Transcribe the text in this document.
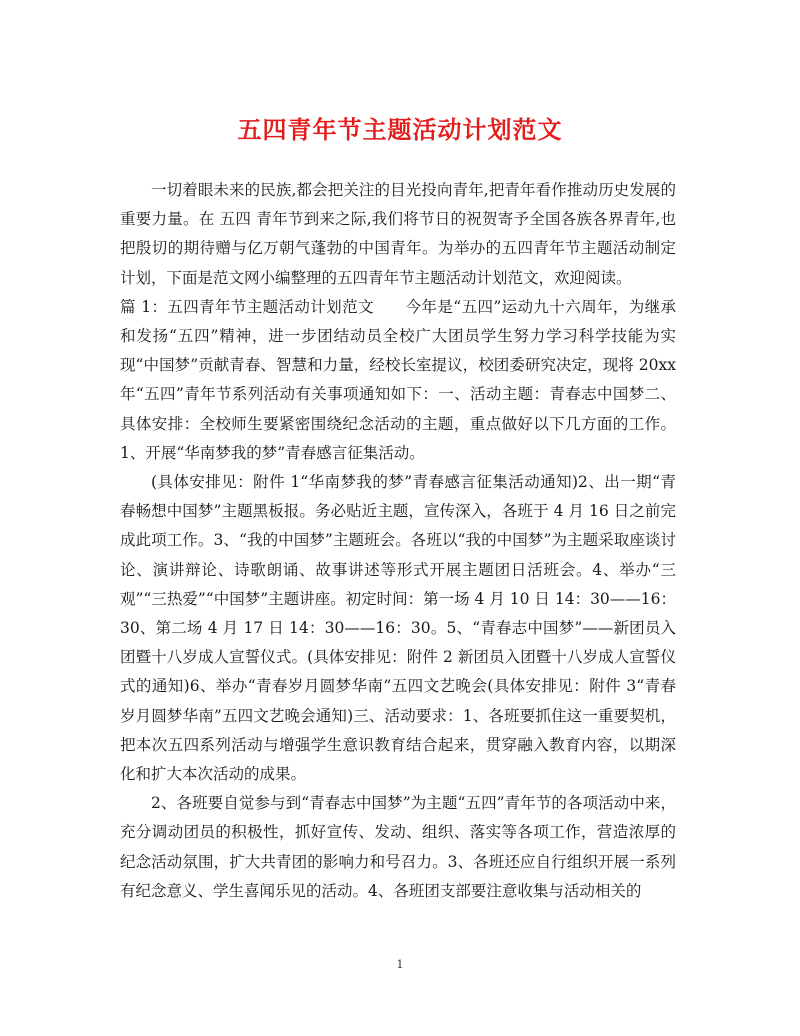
五四青年节主题活动计划范文

一切着眼未来的民族,都会把关注的目光投向青年,把青年看作推动历史发展的重要力量。在 五四 青年节到来之际,我们将节日的祝贺寄予全国各族各界青年,也把殷切的期待赠与亿万朝气蓬勃的中国青年。为举办的五四青年节主题活动制定计划，下面是范文网小编整理的五四青年节主题活动计划范文，欢迎阅读。

篇 1：五四青年节主题活动计划范文　　今年是“五四”运动九十六周年，为继承和发扬“五四”精神，进一步团结动员全校广大团员学生努力学习科学技能为实现“中国梦”贡献青春、智慧和力量，经校长室提议，校团委研究决定，现将 20xx 年“五四”青年节系列活动有关事项通知如下：一、活动主题：青春志中国梦二、具体安排：全校师生要紧密围绕纪念活动的主题，重点做好以下几方面的工作。1、开展“华南梦我的梦”青春感言征集活动。

(具体安排见：附件 1“华南梦我的梦”青春感言征集活动通知)2、出一期“青春畅想中国梦”主题黑板报。务必贴近主题，宣传深入，各班于 4 月 16 日之前完成此项工作。3、“我的中国梦”主题班会。各班以“我的中国梦”为主题采取座谈讨论、演讲辩论、诗歌朗诵、故事讲述等形式开展主题团日活班会。4、举办“三观”“三热爱”“中国梦”主题讲座。初定时间：第一场 4 月 10 日 14：30——16：30、第二场 4 月 17 日 14：30——16：30。5、“青春志中国梦”——新团员入团暨十八岁成人宣誓仪式。(具体安排见：附件 2 新团员入团暨十八岁成人宣誓仪式的通知)6、举办“青春岁月圆梦华南”五四文艺晚会(具体安排见：附件 3“青春岁月圆梦华南”五四文艺晚会通知)三、活动要求：1、各班要抓住这一重要契机，把本次五四系列活动与增强学生意识教育结合起来，贯穿融入教育内容，以期深化和扩大本次活动的成果。

2、各班要自觉参与到“青春志中国梦”为主题“五四”青年节的各项活动中来，充分调动团员的积极性，抓好宣传、发动、组织、落实等各项工作，营造浓厚的纪念活动氛围，扩大共青团的影响力和号召力。3、各班还应自行组织开展一系列有纪念意义、学生喜闻乐见的活动。4、各班团支部要注意收集与活动相关的

1
